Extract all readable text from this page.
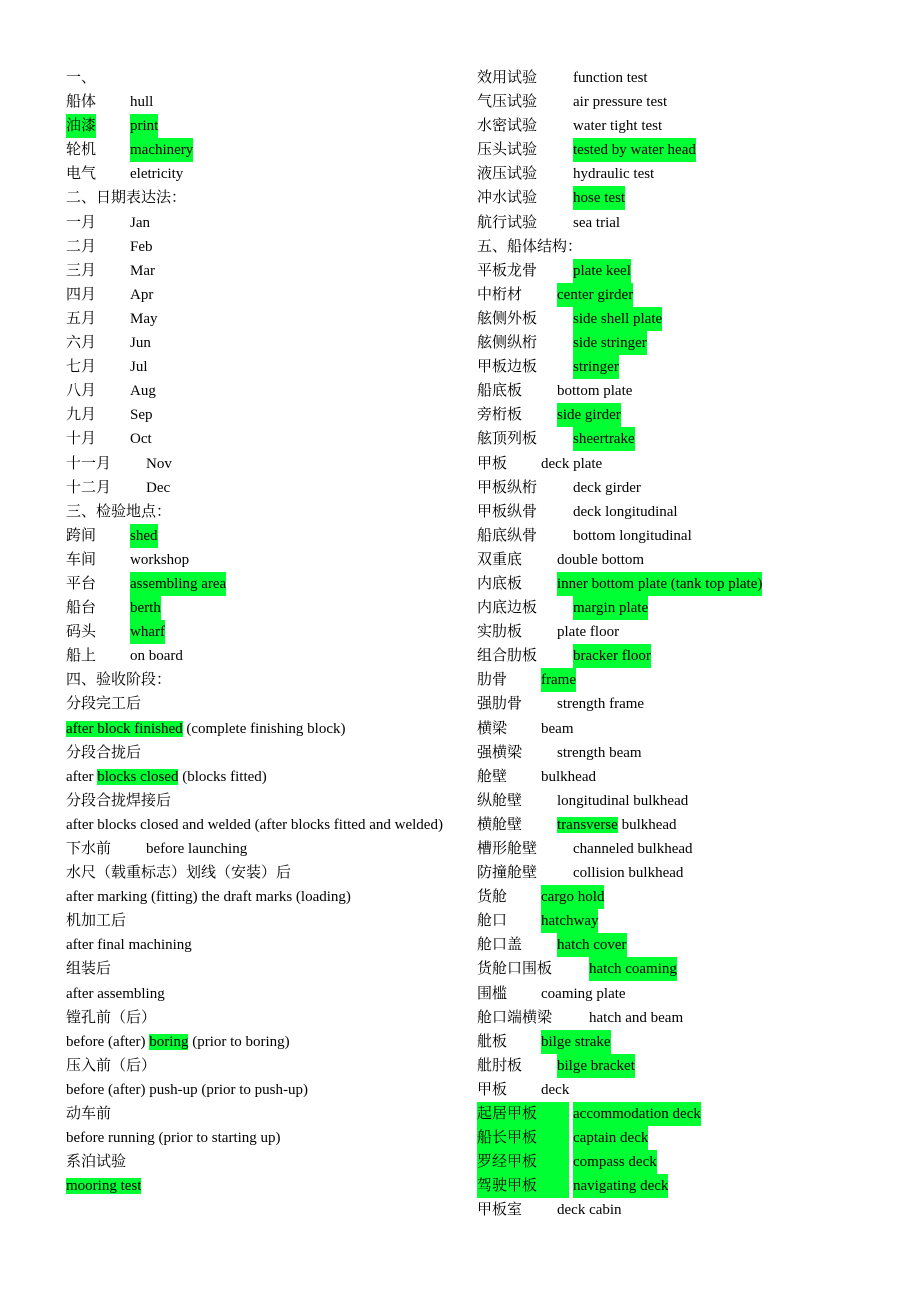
一、
船体 hull
油漆 print
轮机 machinery
电气 eletricity
二、日期表达法：
一月 Jan
二月 Feb
三月 Mar
四月 Apr
五月 May
六月 Jun
七月 Jul
八月 Aug
九月 Sep
十月 Oct
十一月 Nov
十二月 Dec
三、检验地点：
跨间 shed
车间 workshop
平台 assembling area
船台 berth
码头 wharf
船上 on board
四、验收阶段：
分段完工后
after block finished (complete finishing block)
分段合拢后
after blocks closed (blocks fitted)
分段合拢焊接后
after blocks closed and welded (after blocks fitted and welded)
下水前 before launching
水尺（载重标志）划线（安装）后
after marking (fitting) the draft marks (loading)
机加工后
after final machining
组装后
after assembling
镗孔前（后）
before (after) boring (prior to boring)
压入前（后）
before (after) push-up (prior to push-up)
动车前
before running (prior to starting up)
系泊试验
mooring test
效用试验 function test
气压试验 air pressure test
水密试验 water tight test
压头试验 tested by water head
液压试验 hydraulic test
冲水试验 hose test
航行试验 sea trial
五、船体结构：
平板龙骨 plate keel
中桁材 center girder
舷侧外板 side shell plate
舷侧纵桁 side stringer
甲板边板 stringer
船底板 bottom plate
旁桁板 side girder
舷顶列板 sheertrake
甲板 deck plate
甲板纵桁 deck girder
甲板纵骨 deck longitudinal
船底纵骨 bottom longitudinal
双重底 double bottom
内底板 inner bottom plate (tank top plate)
内底边板 margin plate
实肋板 plate floor
组合肋板 bracker floor
肋骨 frame
强肋骨 strength frame
横梁 beam
强横梁 strength beam
舱壁 bulkhead
纵舱壁 longitudinal bulkhead
横舱壁 transverse bulkhead
槽形舱壁 channeled bulkhead
防撞舱壁 collision bulkhead
货舱 cargo hold
舱口 hatchway
舱口盖 hatch cover
货舱口围板 hatch coaming
围槛 coaming plate
舱口端横梁 hatch and beam
舭板 bilge strake
舭肘板 bilge bracket
甲板 deck
起居甲板 accommodation deck
船长甲板 captain deck
罗经甲板 compass deck
驾驶甲板 navigating deck
甲板室 deck cabin
